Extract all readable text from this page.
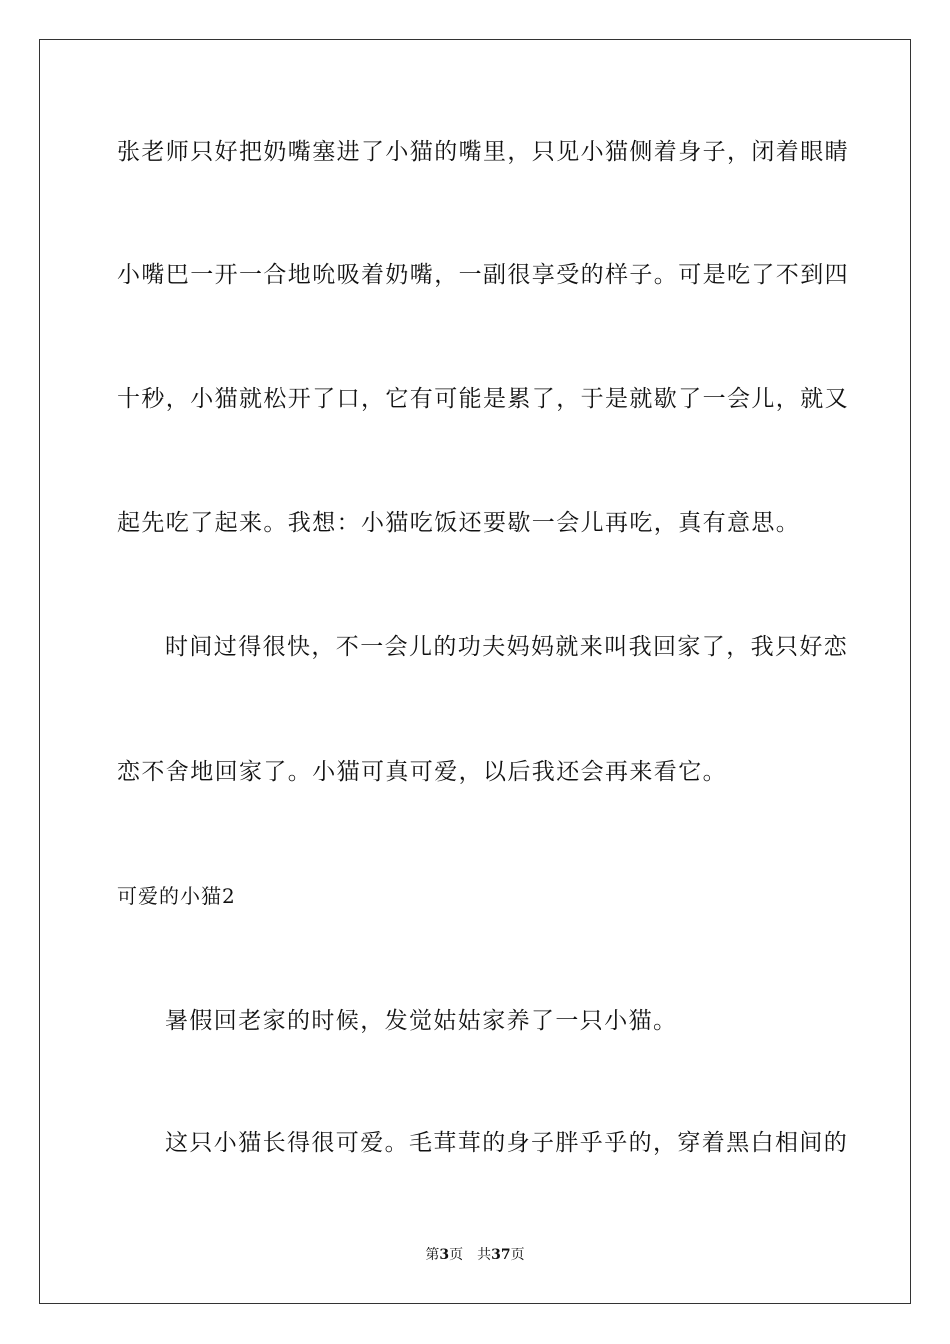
张老师只好把奶嘴塞进了小猫的嘴里，只见小猫侧着身子，闭着眼睛
小嘴巴一开一合地吮吸着奶嘴，一副很享受的样子。可是吃了不到四
十秒，小猫就松开了口，它有可能是累了，于是就歇了一会儿，就又
起先吃了起来。我想：小猫吃饭还要歇一会儿再吃，真有意思。
时间过得很快，不一会儿的功夫妈妈就来叫我回家了，我只好恋
恋不舍地回家了。小猫可真可爱，以后我还会再来看它。
可爱的小猫2
暑假回老家的时候，发觉姑姑家养了一只小猫。
这只小猫长得很可爱。毛茸茸的身子胖乎乎的，穿着黑白相间的
第3页 共37页
